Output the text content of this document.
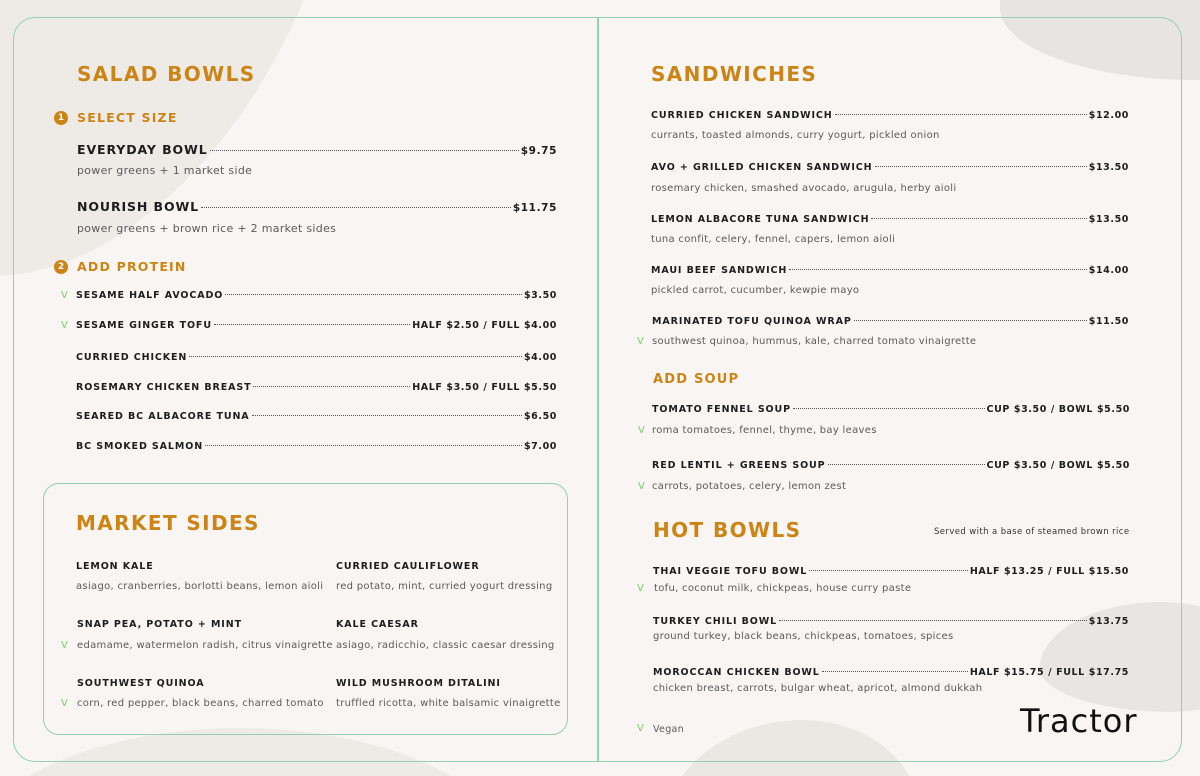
SALAD BOWLS
1	SELECT SIZE
EVERYDAY BOWL	$9.75
power greens + 1 market side
NOURISH BOWL	$11.75
power greens + brown rice + 2 market sides
2	ADD PROTEIN
V SESAME HALF AVOCADO	$3.50
V SESAME GINGER TOFU	HALF $2.50 / FULL $4.00
CURRIED CHICKEN	$4.00
ROSEMARY CHICKEN BREAST	HALF $3.50 / FULL $5.50
SEARED BC ALBACORE TUNA	$6.50
BC SMOKED SALMON	$7.00
MARKET SIDES
LEMON KALE
asiago, cranberries, borlotti beans, lemon aioli
CURRIED CAULIFLOWER
red potato, mint, curried yogurt dressing
SNAP PEA, POTATO + MINT
V edamame, watermelon radish, citrus vinaigrette
KALE CAESAR
asiago, radicchio, classic caesar dressing
SOUTHWEST QUINOA
V corn, red pepper, black beans, charred tomato
WILD MUSHROOM DITALINI
truffled ricotta, white balsamic vinaigrette
SANDWICHES
CURRIED CHICKEN SANDWICH	$12.00
currants, toasted almonds, curry yogurt, pickled onion
AVO + GRILLED CHICKEN SANDWICH	$13.50
rosemary chicken, smashed avocado, arugula, herby aioli
LEMON ALBACORE TUNA SANDWICH	$13.50
tuna confit, celery, fennel, capers, lemon aioli
MAUI BEEF SANDWICH	$14.00
pickled carrot, cucumber, kewpie mayo
MARINATED TOFU QUINOA WRAP	$11.50
V southwest quinoa, hummus, kale, charred tomato vinaigrette
ADD SOUP
TOMATO FENNEL SOUP	CUP $3.50 / BOWL $5.50
V roma tomatoes, fennel, thyme, bay leaves
RED LENTIL + GREENS SOUP	CUP $3.50 / BOWL $5.50
V carrots, potatoes, celery, lemon zest
HOT BOWLS	Served with a base of steamed brown rice
THAI VEGGIE TOFU BOWL	HALF $13.25 / FULL $15.50
V tofu, coconut milk, chickpeas, house curry paste
TURKEY CHILI BOWL	$13.75
ground turkey, black beans, chickpeas, tomatoes, spices
MOROCCAN CHICKEN BOWL	HALF $15.75 / FULL $17.75
chicken breast, carrots, bulgar wheat, apricot, almond dukkah
V Vegan	Tractor
